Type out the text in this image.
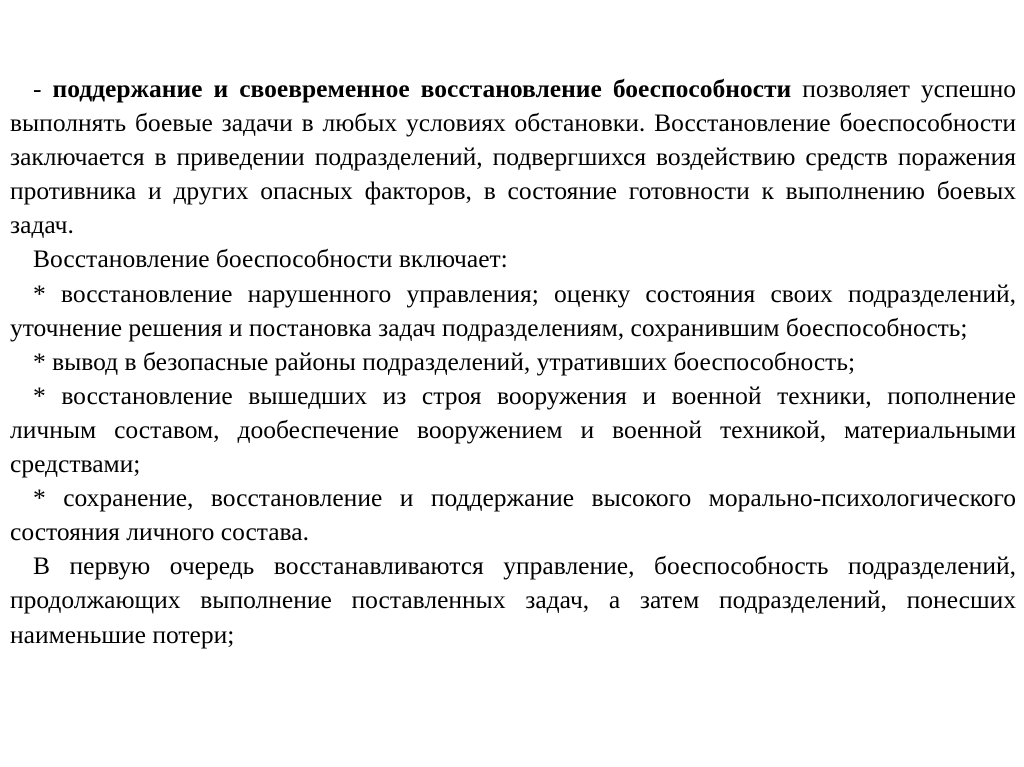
- поддержание и своевременное восстановление боеспособности позволяет успешно выполнять боевые задачи в любых условиях обстановки. Восстановление боеспособности заключается в приведении подразделений, подвергшихся воздействию средств поражения противника и других опасных факторов, в состояние готовности к выполнению боевых задач.

Восстановление боеспособности включает:

* восстановление нарушенного управления; оценку состояния своих подразделений, уточнение решения и постановка задач подразделениям, сохранившим боеспособность;

* вывод в безопасные районы подразделений, утративших боеспособность;

* восстановление вышедших из строя вооружения и военной техники, пополнение личным составом, дообеспечение вооружением и военной техникой, материальными средствами;

* сохранение, восстановление и поддержание высокого морально-психологического состояния личного состава.

В первую очередь восстанавливаются управление, боеспособность подразделений, продолжающих выполнение поставленных задач, а затем подразделений, понесших наименьшие потери;
